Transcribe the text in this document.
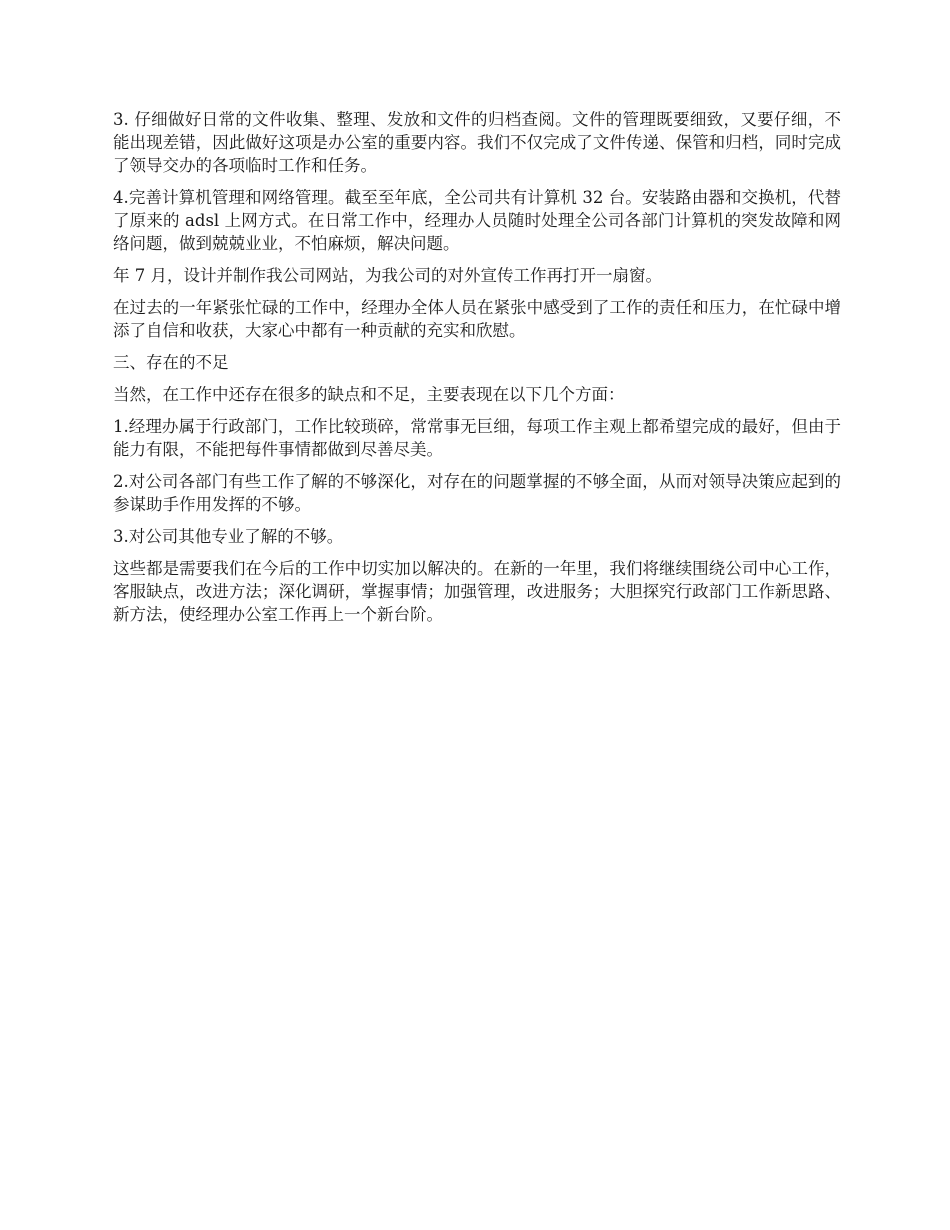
3. 仔细做好日常的文件收集、整理、发放和文件的归档查阅。文件的管理既要细致，又要仔细，不能出现差错，因此做好这项是办公室的重要内容。我们不仅完成了文件传递、保管和归档，同时完成了领导交办的各项临时工作和任务。

4.完善计算机管理和网络管理。截至至年底，全公司共有计算机 32 台。安装路由器和交换机，代替了原来的 adsl 上网方式。在日常工作中，经理办人员随时处理全公司各部门计算机的突发故障和网络问题，做到兢兢业业，不怕麻烦，解决问题。

年 7 月，设计并制作我公司网站，为我公司的对外宣传工作再打开一扇窗。

在过去的一年紧张忙碌的工作中，经理办全体人员在紧张中感受到了工作的责任和压力，在忙碌中增添了自信和收获，大家心中都有一种贡献的充实和欣慰。

三、存在的不足

当然，在工作中还存在很多的缺点和不足，主要表现在以下几个方面：

1.经理办属于行政部门，工作比较琐碎，常常事无巨细，每项工作主观上都希望完成的最好，但由于能力有限，不能把每件事情都做到尽善尽美。

2.对公司各部门有些工作了解的不够深化，对存在的问题掌握的不够全面，从而对领导决策应起到的参谋助手作用发挥的不够。

3.对公司其他专业了解的不够。

这些都是需要我们在今后的工作中切实加以解决的。在新的一年里，我们将继续围绕公司中心工作，客服缺点，改进方法；深化调研，掌握事情；加强管理，改进服务；大胆探究行政部门工作新思路、新方法，使经理办公室工作再上一个新台阶。
